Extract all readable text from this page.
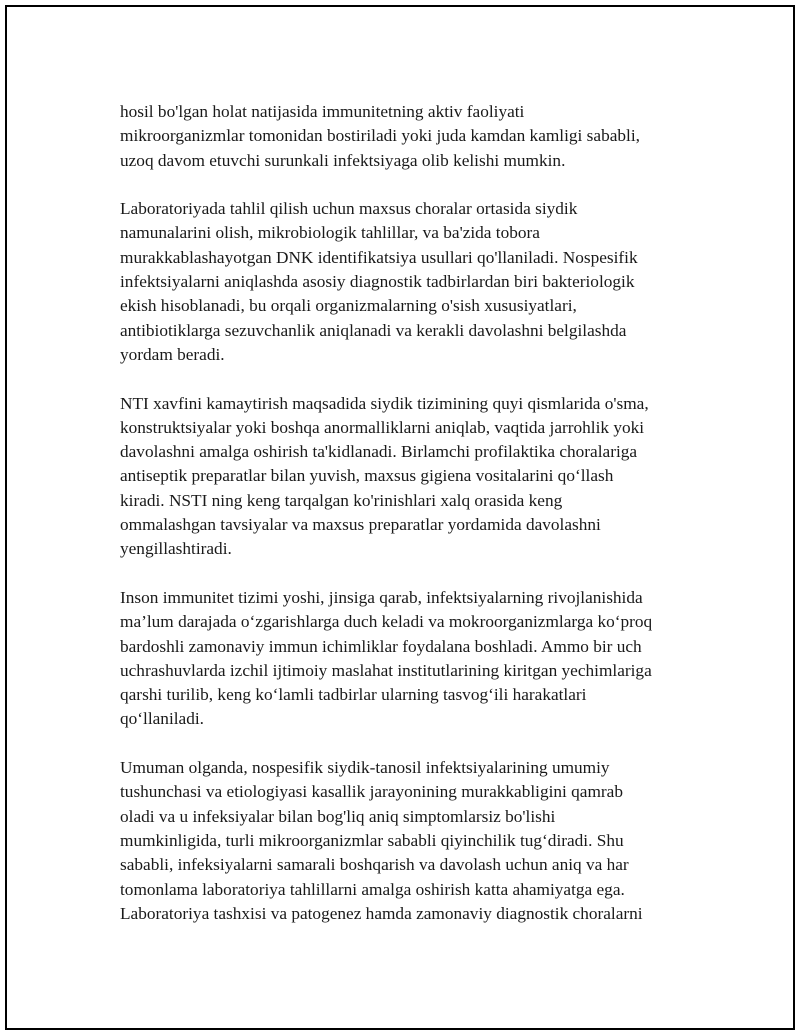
hosil bo'lgan holat natijasida immunitetning aktiv faoliyati
mikroorganizmlar tomonidan bostiriladi yoki juda kamdan kamligi sababli,
uzoq davom etuvchi surunkali infektsiyaga olib kelishi mumkin.

Laboratoriyada tahlil qilish uchun maxsus choralar ortasida siydik
namunalarini olish, mikrobiologik tahlillar, va ba'zida tobora
murakkablashayotgan DNK identifikatsiya usullari qo'llaniladi. Nospesifik
infektsiyalarni aniqlashda asosiy diagnostik tadbirlardan biri bakteriologik
ekish hisoblanadi, bu orqali organizmalarning o'sish xususiyatlari,
antibiotiklarga sezuvchanlik aniqlanadi va kerakli davolashni belgilashda
yordam beradi.

NTI xavfini kamaytirish maqsadida siydik tizimining quyi qismlarida o'sma,
konstruktsiyalar yoki boshqa anormalliklarni aniqlab, vaqtida jarrohlik yoki
davolashni amalga oshirish ta'kidlanadi. Birlamchi profilaktika choralariga
antiseptik preparatlar bilan yuvish, maxsus gigiena vositalarini qo‘llash
kiradi. NSTI ning keng tarqalgan ko'rinishlari xalq orasida keng
ommalashgan tavsiyalar va maxsus preparatlar yordamida davolashni
yengillashtiradi.

Inson immunitet tizimi yoshi, jinsiga qarab, infektsiyalarning rivojlanishida
ma’lum darajada o‘zgarishlarga duch keladi va mokroorganizmlarga ko‘proq
bardoshli zamonaviy immun ichimliklar foydalana boshladi. Ammo bir uch
uchrashuvlarda izchil ijtimoiy maslahat institutlarining kiritgan yechimlariga
qarshi turilib, keng ko‘lamli tadbirlar ularning tasvog‘ili harakatlari
qo‘llaniladi.

Umuman olganda, nospesifik siydik-tanosil infektsiyalarining umumiy
tushunchasi va etiologiyasi kasallik jarayonining murakkabligini qamrab
oladi va u infeksiyalar bilan bog'liq aniq simptomlarsiz bo'lishi
mumkinligida, turli mikroorganizmlar sababli qiyinchilik tug‘diradi. Shu
sababli, infeksiyalarni samarali boshqarish va davolash uchun aniq va har
tomonlama laboratoriya tahlillarni amalga oshirish katta ahamiyatga ega.
Laboratoriya tashxisi va patogenez hamda zamonaviy diagnostik choralarni
